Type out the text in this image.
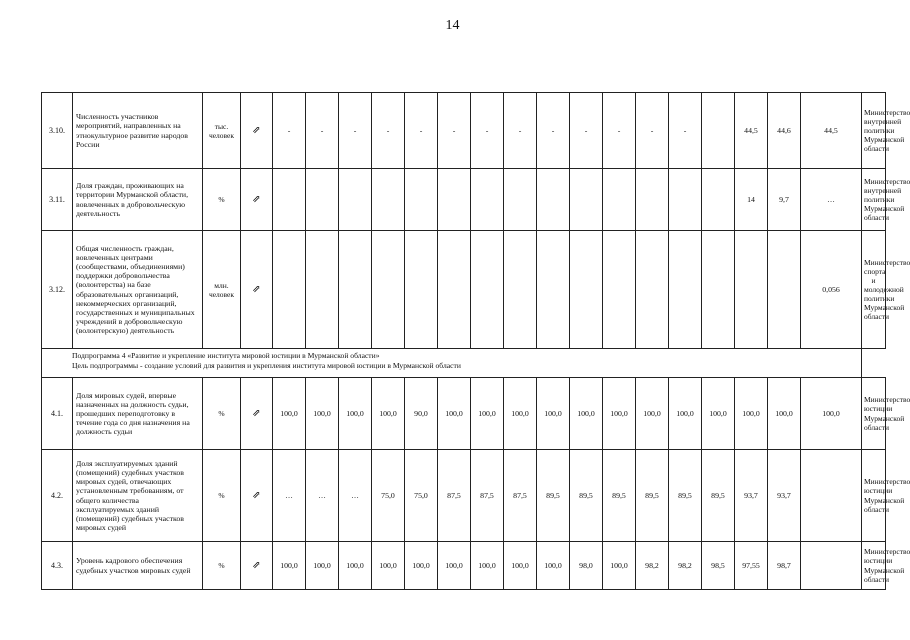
14
3.10.	Численность участников мероприятий, направленных на этнокультурное развитие народов России	тыс. человек	⇗	-	-	-	-	-	-	-	-	-	-	-	-	-		44,5	44,6	44,5	Министерство внутренней политики Мурманской области
3.11.	Доля граждан, проживающих на территории Мурманской области, вовлеченных в добровольческую деятельность	%	⇗															14	9,7	…	Министерство внутренней политики Мурманской области
3.12.	Общая численность граждан, вовлеченных центрами (сообществами, объединениями) поддержки добровольчества (волонтерства) на базе образовательных организаций, некоммерческих организаций, государственных и муниципальных учреждений в добровольческую (волонтерскую) деятельность	млн. человек	⇗																	0,056	Министерство спорта и молодежной политики Мурманской области

Подпрограмма 4 «Развитие и укрепление института мировой юстиции в Мурманской области»
Цель подпрограммы - создание условий для развития и укрепления института мировой юстиции в Мурманской области																					

4.1.	Доля мировых судей, впервые назначенных на должность судьи, прошедших переподготовку в течение года со дня назначения на должность судьи	%	⇗	100,0	100,0	100,0	100,0	90,0	100,0	100,0	100,0	100,0	100,0	100,0	100,0	100,0	100,0	100,0	100,0	100,0	Министерство юстиции Мурманской области
4.2.	Доля эксплуатируемых зданий (помещений) судебных участков мировых судей, отвечающих установленным требованиям, от общего количества эксплуатируемых зданий (помещений) судебных участков мировых судей	%	⇗	…	…	…	75,0	75,0	87,5	87,5	87,5	89,5	89,5	89,5	89,5	89,5	89,5	93,7	93,7		Министерство юстиции Мурманской области
4.3.	Уровень кадрового обеспечения судебных участков мировых судей	%	⇗	100,0	100,0	100,0	100,0	100,0	100,0	100,0	100,0	100,0	98,0	100,0	98,2	98,2	98,5	97,55	98,7		Министерство юстиции Мурманской области
